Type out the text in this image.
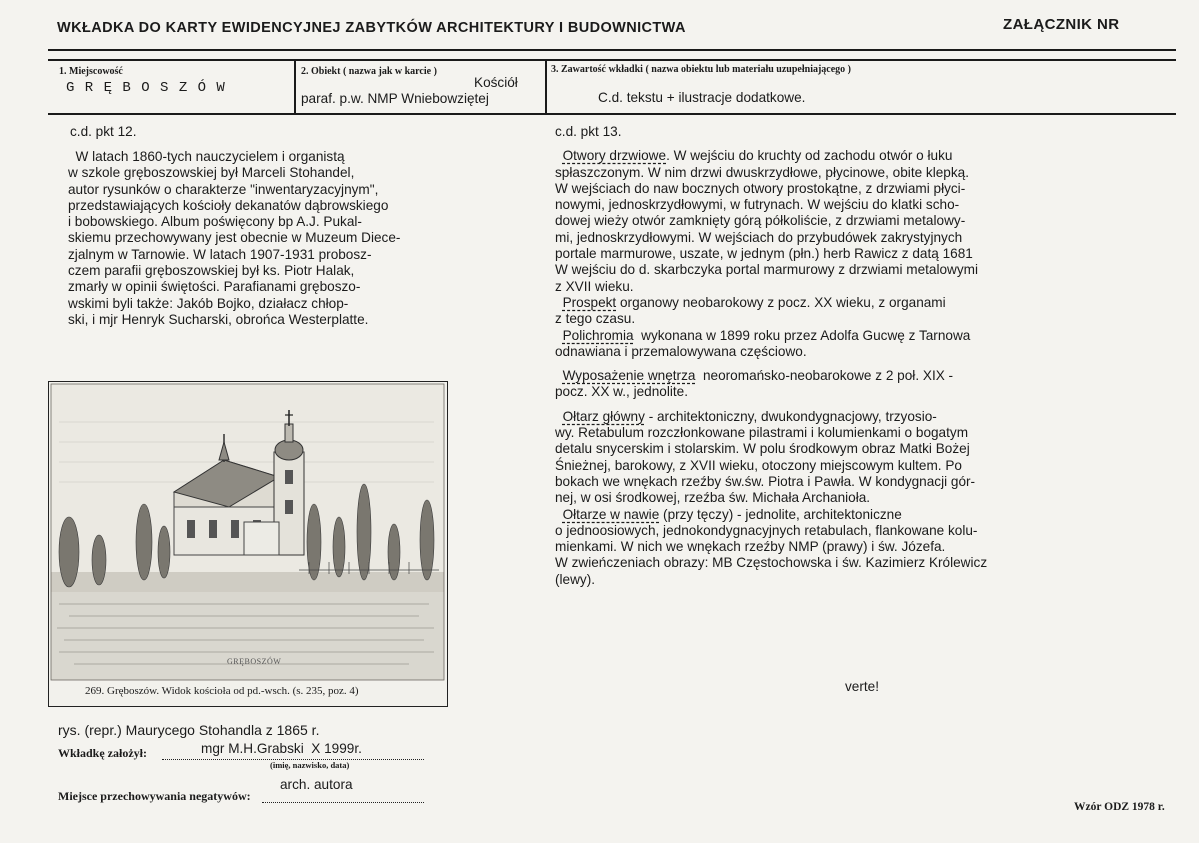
WKŁADKA DO KARTY EWIDENCYJNEJ ZABYTKÓW ARCHITEKTURY I BUDOWNICTWA	ZAŁĄCZNIK NR
1. Miejscowość
G R Ę B O S Z Ó W
2. Obiekt ( nazwa jak w karcie )
Kościół
paraf. p.w. NMP Wniebowziętej
3. Zawartość wkładki ( nazwa obiektu lub materiału uzupełniającego )
C.d. tekstu + ilustracje dodatkowe.
c.d. pkt 12.
W latach 1860-tych nauczycielem i organistą
w szkole gręboszowskiej był Marceli Stohandel,
autor rysunków o charakterze "inwentaryzacyjnym",
przedstawiających kościoły dekanatów dąbrowskiego
i bobowskiego. Album poświęcony bp A.J. Pukal-
skiemu przechowywany jest obecnie w Muzeum Diece-
zjalnym w Tarnowie. W latach 1907-1931 probosz-
czem parafii gręboszowskiej był ks. Piotr Halak,
zmarły w opinii świętości. Parafianami gręboszo-
wskimi byli także: Jakób Bojko, działacz chłop-
ski, i mjr Henryk Sucharski, obrońca Westerplatte.
GRĘBOSZÓW
269. Gręboszów. Widok kościoła od pd.-wsch. (s. 235, poz. 4)
rys. (repr.) Maurycego Stohandla z 1865 r.
Wkładkę założył:	mgr M.H.Grabski  X 1999r.
(imię, nazwisko, data)
Miejsce przechowywania negatywów:
arch. autora
Wzór ODZ 1978 r.
c.d. pkt 13.
Otwory drzwiowe. W wejściu do kruchty od zachodu otwór o łuku
spłaszczonym. W nim drzwi dwuskrzydłowe, płycinowe, obite klepką.
W wejściach do naw bocznych otwory prostokątne, z drzwiami płyci-
nowymi, jednoskrzydłowymi, w futrynach. W wejściu do klatki scho-
dowej wieży otwór zamknięty górą półkoliście, z drzwiami metalowy-
mi, jednoskrzydłowymi. W wejściach do przybudówek zakrystyjnych
portale marmurowe, uszate, w jednym (płn.) herb Rawicz z datą 1681
W wejściu do d. skarbczyka portal marmurowy z drzwiami metalowymi
z XVII wieku.
Prospekt organowy neobarokowy z pocz. XX wieku, z organami
z tego czasu.
Polichromia  wykonana w 1899 roku przez Adolfa Gucwę z Tarnowa
odnawiana i przemalowywana częściowo.
Wyposażenie wnętrza  neoromańsko-neobarokowe z 2 poł. XIX -
pocz. XX w., jednolite.
Ołtarz główny - architektoniczny, dwukondygnacjowy, trzyosio-
wy. Retabulum rozczłonkowane pilastrami i kolumienkami o bogatym
detalu snycerskim i stolarskim. W polu środkowym obraz Matki Bożej
Śnieżnej, barokowy, z XVII wieku, otoczony miejscowym kultem. Po
bokach we wnękach rzeźby św.św. Piotra i Pawła. W kondygnacji gór-
nej, w osi środkowej, rzeźba św. Michała Archanioła.
Ołtarze w nawie (przy tęczy) - jednolite, architektoniczne
o jednoosiowych, jednokondygnacyjnych retabulach, flankowane kolu-
mienkami. W nich we wnękach rzeźby NMP (prawy) i św. Józefa.
W zwieńczeniach obrazy: MB Częstochowska i św. Kazimierz Królewicz
(lewy).
verte!
